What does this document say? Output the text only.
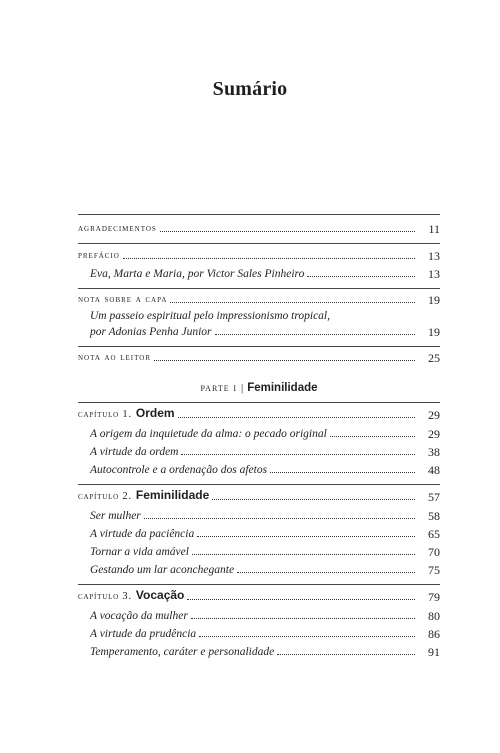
Sumário
agradecimentos	11
prefácio	13
Eva, Marta e Maria, por Victor Sales Pinheiro	13
nota sobre a capa	19
Um passeio espiritual pelo impressionismo tropical,
por Adonias Penha Junior	19
nota ao leitor	25
parte i | Feminilidade
capítulo 1. Ordem	29
A origem da inquietude da alma: o pecado original	29
A virtude da ordem	38
Autocontrole e a ordenação dos afetos	48
capítulo 2. Feminilidade	57
Ser mulher	58
A virtude da paciência	65
Tornar a vida amável	70
Gestando um lar aconchegante	75
capítulo 3. Vocação	79
A vocação da mulher	80
A virtude da prudência	86
Temperamento, caráter e personalidade	91
